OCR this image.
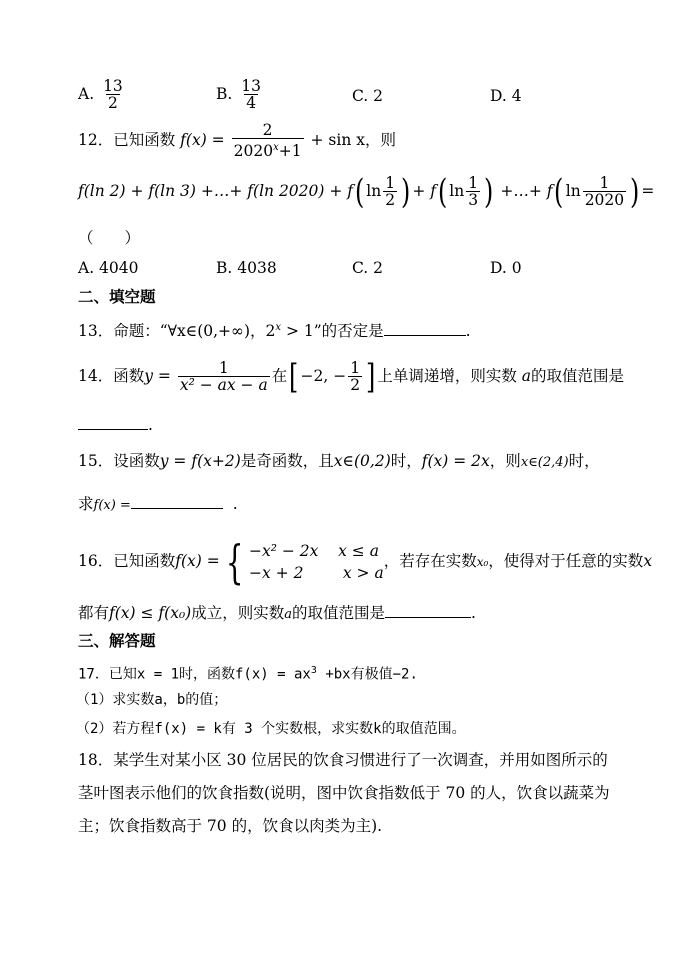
A. $\frac{13}{2}$	B. $\frac{13}{4}$	C. 2	D. 4
12．已知函数 $f(x) = \frac{2}{2020^x+1} + \sin x$，则
f(ln 2) + f(ln 3) +…+ f(ln 2020) + f( $\ln \frac{1}{2}$ ) + f( $\ln \frac{1}{3}$ ) +…+ f( $\ln \frac{1}{2020}$ ) =
（　　）
A. 4040	B. 4038	C. 2	D. 0
二、填空题
13．命题：“∀x∈(0,+∞)，$2^x > 1$”的否定是	.
14．函数$y = \frac{1}{\text{x² − ax − a}}$ 在[ −2, − $\frac{1}{2}$ ] 上单调递增，则实数 a的取值范围是
.
15．设函数y = f(x+2)是奇函数，且x∈(0,2)时，f(x) = 2x，则x∈(2,4)时，
求f(x) =	.
16．已知函数f(x) = { −x² − 2x x ≤ a
−x + 2	x > a
，若存在实数x₀，使得对于任意的实数x
都有f(x) ≤ f(x₀)成立，则实数a的取值范围是	.
三、解答题
17．已知x = 1时，函数$f(x) = ax^3 +bx$有极值−2.
（1）求实数a，b的值；
（2）若方程f(x) = k有 3 个实数根，求实数k的取值范围。
18．某学生对某小区 30 位居民的饮食习惯进行了一次调查，并用如图所示的
茎叶图表示他们的饮食指数(说明，图中饮食指数低于 70 的人，饮食以蔬菜为
主；饮食指数高于 70 的，饮食以肉类为主).
